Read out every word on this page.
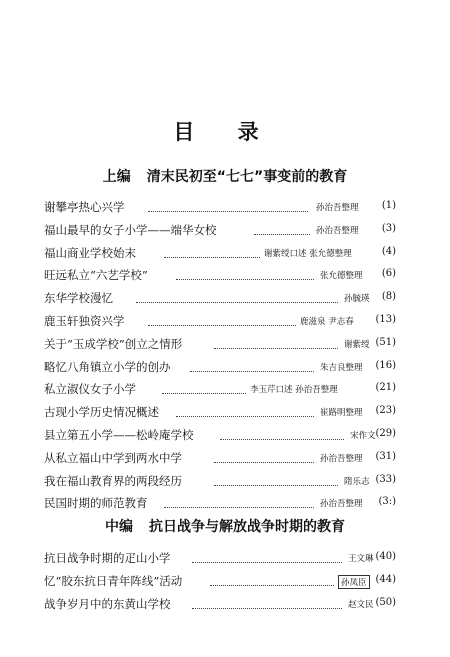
目 录
上编 清末民初至“七七”事变前的教育
谢攀亭热心兴学	孙治吾整理 (1)
福山最早的女子小学——端华女校	孙治吾整理 (3)
福山商业学校始末	谢紫绶口述 张允德整理	(4)
旺远私立“六艺学校”	张允德整理 (6)
东华学校漫忆	孙毓瑛 (8)
鹿玉轩独资兴学	鹿滋泉 尹志春 (13)
关于“玉成学校”创立之情形	谢紫绶 (51)
略忆八角镇立小学的创办	朱吉良整理 (16)
私立淑仪女子小学	李玉芹口述 孙治吾整理	(21)
古现小学历史情况概述	崔路明整理 (23)
县立第五小学——松岭庵学校	宋作文 (29)
从私立福山中学到两水中学	孙治吾整理 (31)
我在福山教育界的两段经历	隋乐志 (33)
民国时期的师范教育	孙治吾整理 (3:)
中编 抗日战争与解放战争时期的教育
抗日战争时期的疋山小学	王文琳 (40)
忆“胶东抗日青年阵线”活动	孙凤臣 (44)
战争岁月中的东黄山学校	赵文民 (50)
